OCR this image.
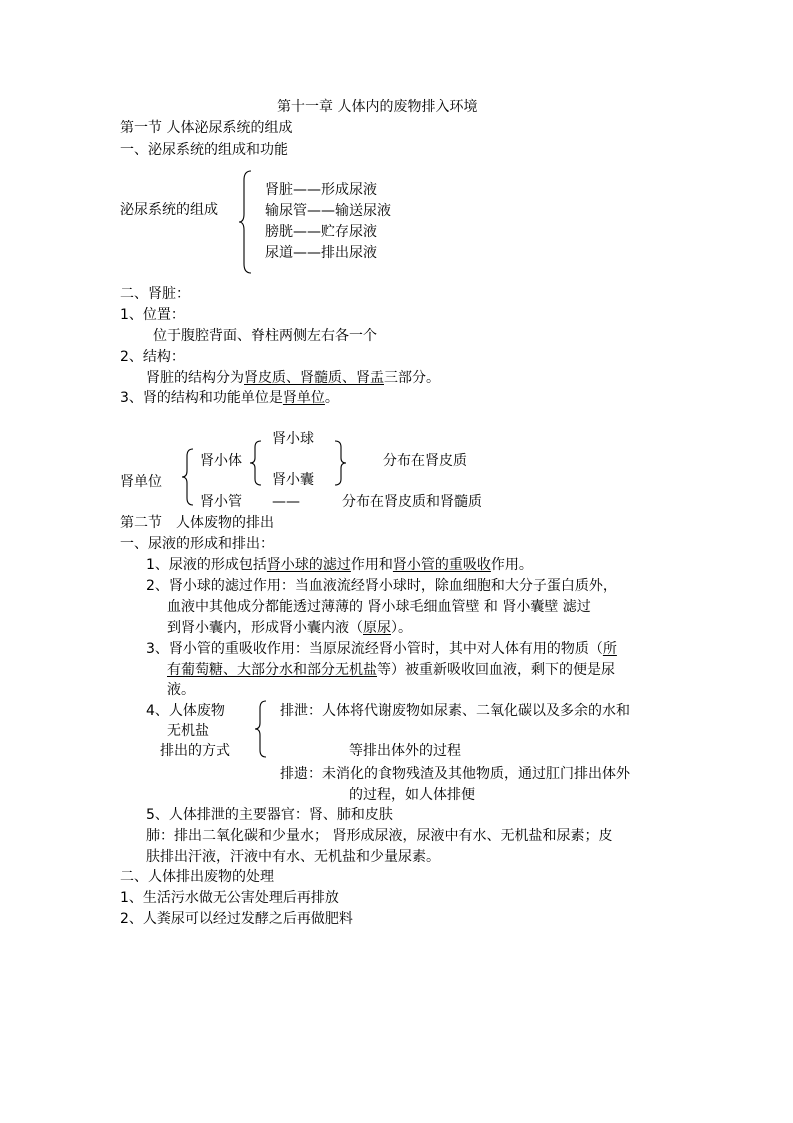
第十一章 人体内的废物排入环境
第一节 人体泌尿系统的组成
一、泌尿系统的组成和功能
泌尿系统的组成
肾脏——形成尿液
输尿管——输送尿液
膀胱——贮存尿液
尿道——排出尿液
二、肾脏：
1、位置：
位于腹腔背面、脊柱两侧左右各一个
2、结构：
肾脏的结构分为肾皮质、肾髓质、肾盂三部分。
3、肾的结构和功能单位是肾单位。
肾单位
肾小体
肾小球
肾小囊
分布在肾皮质
肾小管 ——	分布在肾皮质和肾髓质
第二节　人体废物的排出
一、尿液的形成和排出：
1、尿液的形成包括肾小球的滤过作用和肾小管的重吸收作用。
2、肾小球的滤过作用：当血液流经肾小球时，除血细胞和大分子蛋白质外，
血液中其他成分都能透过薄薄的 肾小球毛细血管壁 和 肾小囊壁 滤过
到肾小囊内，形成肾小囊内液（原尿）。
3、肾小管的重吸收作用：当原尿流经肾小管时，其中对人体有用的物质（所
有葡萄糖、大部分水和部分无机盐等）被重新吸收回血液，剩下的便是尿
液。
4、人体废物
无机盐
排出的方式
排泄：人体将代谢废物如尿素、二氧化碳以及多余的水和
等排出体外的过程
排遗：未消化的食物残渣及其他物质，通过肛门排出体外
的过程，如人体排便
5、人体排泄的主要器官：肾、肺和皮肤
肺：排出二氧化碳和少量水； 肾形成尿液，尿液中有水、无机盐和尿素；皮
肤排出汗液，汗液中有水、无机盐和少量尿素。
二、人体排出废物的处理
1、生活污水做无公害处理后再排放
2、人粪尿可以经过发酵之后再做肥料
